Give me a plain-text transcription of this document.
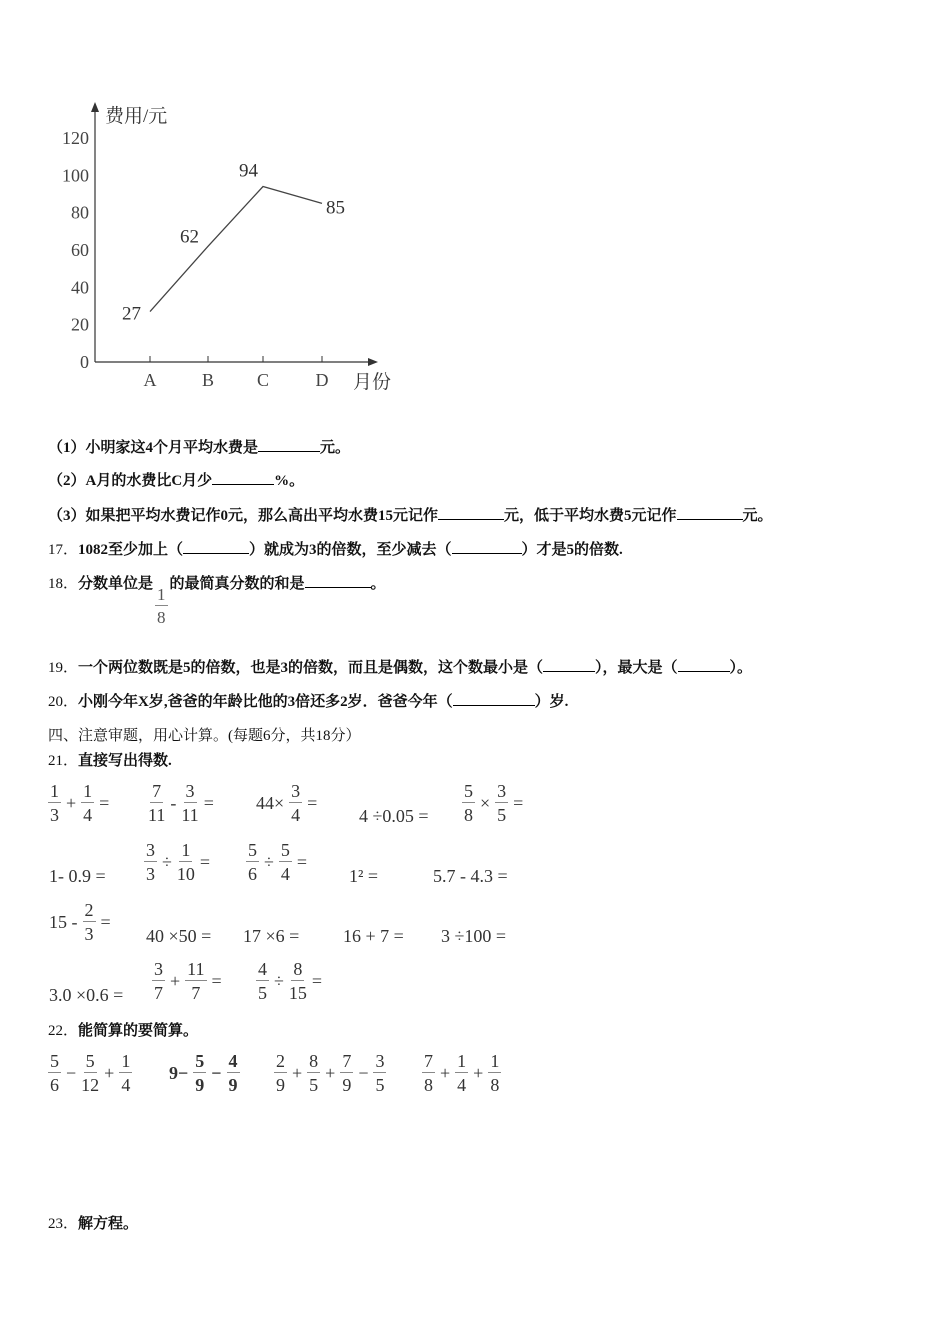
费用/元
月份
0
20
40
60
80
100
120
A	B C	D
27
62
94
85
（1）小明家这4个月平均水费是	元。
（2）A月的水费比C月少	%。
（3）如果把平均水费记作0元，那么高出平均水费15元记作	元，低于平均水费5元记作	元。
17．1082至少加上（	）就成为3的倍数，至少减去（	）才是5的倍数.
18．分数单位是
$\frac{1}{8}$
的最简真分数的和是	。
19．一个两位数既是5的倍数，也是3的倍数，而且是偶数，这个数最小是（	），最大是（	）。
20．小刚今年X岁,爸爸的年龄比他的3倍还多2岁．爸爸今年（	）岁.
四、注意审题，用心计算。(每题6分，共18分）
21．直接写出得数.
$\frac{1}{3} + \frac{1}{4} = \frac{7}{11} - \frac{3}{11} = 44\times \frac{3}{4}$ =
$4 \div 0.05 = \frac{5}{8} \times \frac{3}{5}$ =
1- $0.9 = \frac{3}{3} \div \frac{1}{10} = \frac{5}{6} \div \frac{5}{4}$ =
1² =	5.7 - 4.3 =
$15 - \frac{2}{3}$ =
40 ×50 = 17 ×6 = 16 + 7 = 3 ÷100 =
$3.0 \times 0.6 = \frac{3}{7} + \frac{11}{7} = \frac{4}{5} \div \frac{8}{15}$ =
22．能简算的要简算。
$\frac{5}{6} - \frac{5}{12} + \frac{1}{4} 9- \frac{5}{9} - \frac{4}{9} \frac{2}{9} + \frac{8}{5} + \frac{7}{9} - \frac{3}{5} \frac{7}{8} + \frac{1}{4} + \frac{1}{8}$
23．解方程。
